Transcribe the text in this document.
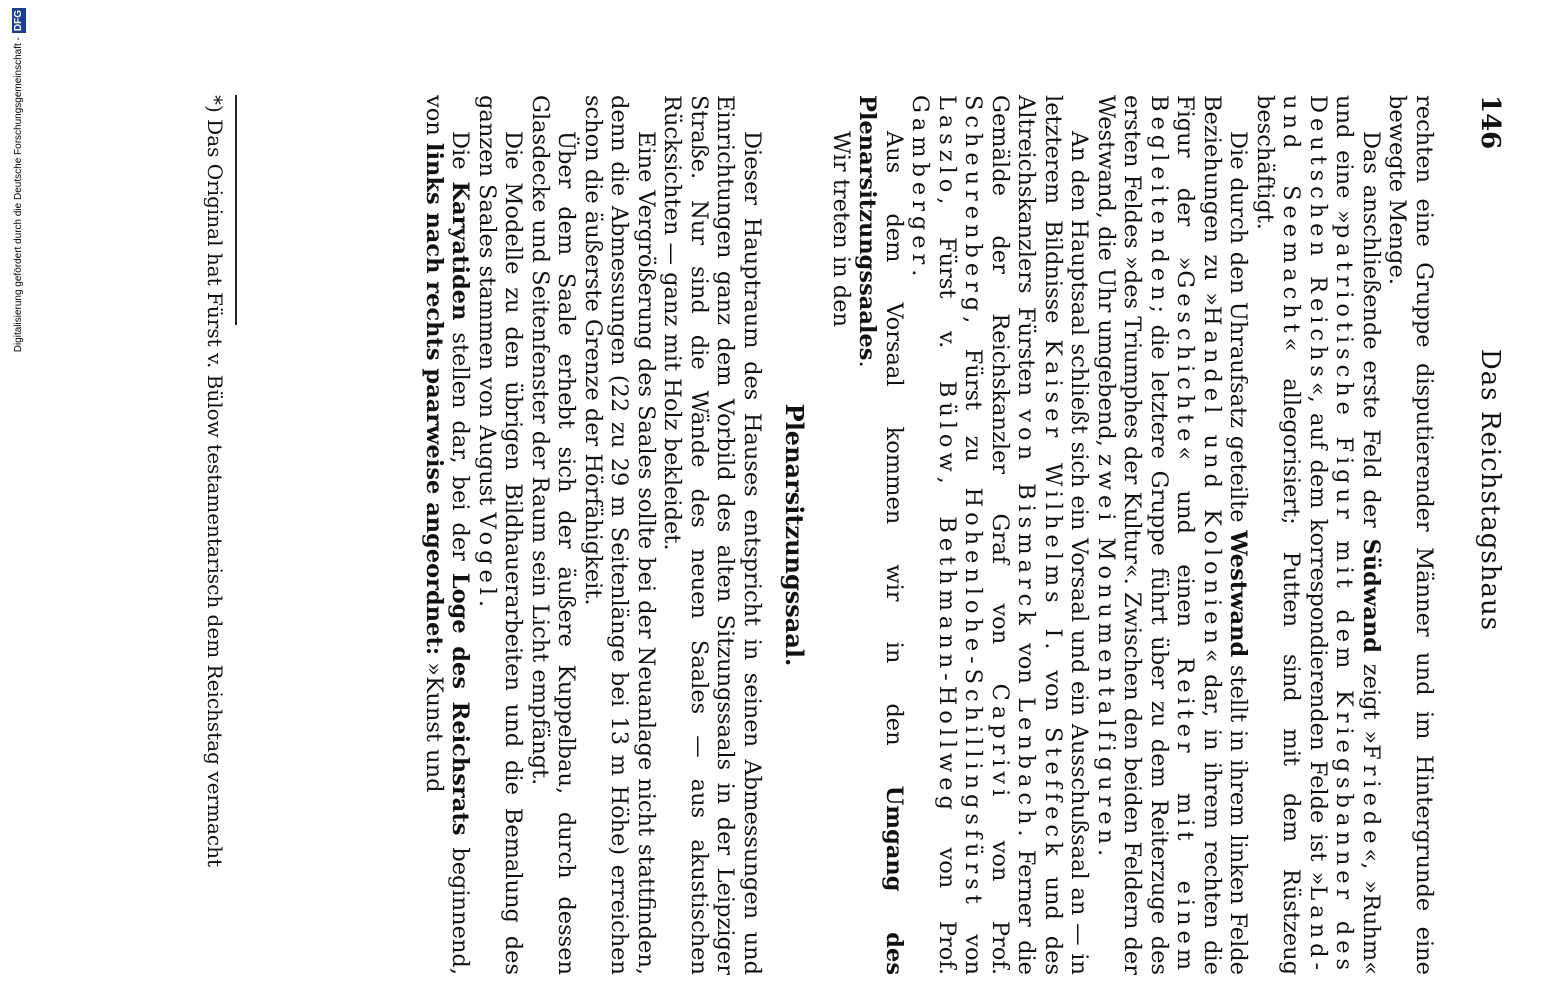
146
Das Reichstagshaus

rechten eine Gruppe disputierender Männer und im Hintergrunde eine bewegte Menge.

Das anschließende erste Feld der Südwand zeigt »Friede«, »Ruhm« und eine »patriotische Figur mit dem Kriegsbanner des Deutschen Reichs«, auf dem korrespondierenden Felde ist »Land- und Seemacht« allegorisiert; Putten sind mit dem Rüstzeug beschäftigt.

Die durch den Uhraufsatz geteilte Westwand stellt in ihrem linken Felde Beziehungen zu »Handel und Kolonien« dar, in ihrem rechten die Figur der »Geschichte« und einen Reiter mit einem Begleitenden; die letztere Gruppe führt über zu dem Reiterzuge des ersten Feldes »des Triumphes der Kultur«. Zwischen den beiden Feldern der Westwand, die Uhr umgebend, zwei Monumentalfiguren.

An den Hauptsaal schließt sich ein Vorsaal und ein Ausschußsaal an — in letzterem Bildnisse Kaiser Wilhelms I. von Steffeck und des Altreichskanzlers Fürsten von Bismarck von Lenbach. Ferner die Gemälde der Reichskanzler Graf von Caprivi von Prof. Scheurenberg, Fürst zu Hohenlohe-Schillingsfürst von Laszlo, Fürst v. Bülow, Bethmann-Hollweg von Prof. Gamberger.

Aus dem Vorsaal kommen wir in den Umgang des Plenarsitzungssaales.

Wir treten in den

Plenarsitzungssaal.

Dieser Hauptraum des Hauses entspricht in seinen Abmessungen und Einrichtungen ganz dem Vorbild des alten Sitzungssaals in der Leipziger Straße. Nur sind die Wände des neuen Saales — aus akustischen Rücksichten — ganz mit Holz bekleidet.

Eine Vergrößerung des Saales sollte bei der Neuanlage nicht stattfinden, denn die Abmessungen (22 zu 29 m Seitenlänge bei 13 m Höhe) erreichen schon die äußerste Grenze der Hörfähigkeit.

Über dem Saale erhebt sich der äußere Kuppelbau, durch dessen Glasdecke und Seitenfenster der Raum sein Licht empfängt.

Die Modelle zu den übrigen Bildhauerarbeiten und die Bemalung des ganzen Saales stammen von August Vogel.

Die Karyatiden stellen dar, bei der Loge des Reichsrats beginnend, von links nach rechts paarweise angeordnet: »Kunst und

*) Das Original hat Fürst v. Bülow testamentarisch dem Reichstag vermacht
Digitalisierung gefördert durch die Deutsche Forschungsgemeinschaft -DFG
